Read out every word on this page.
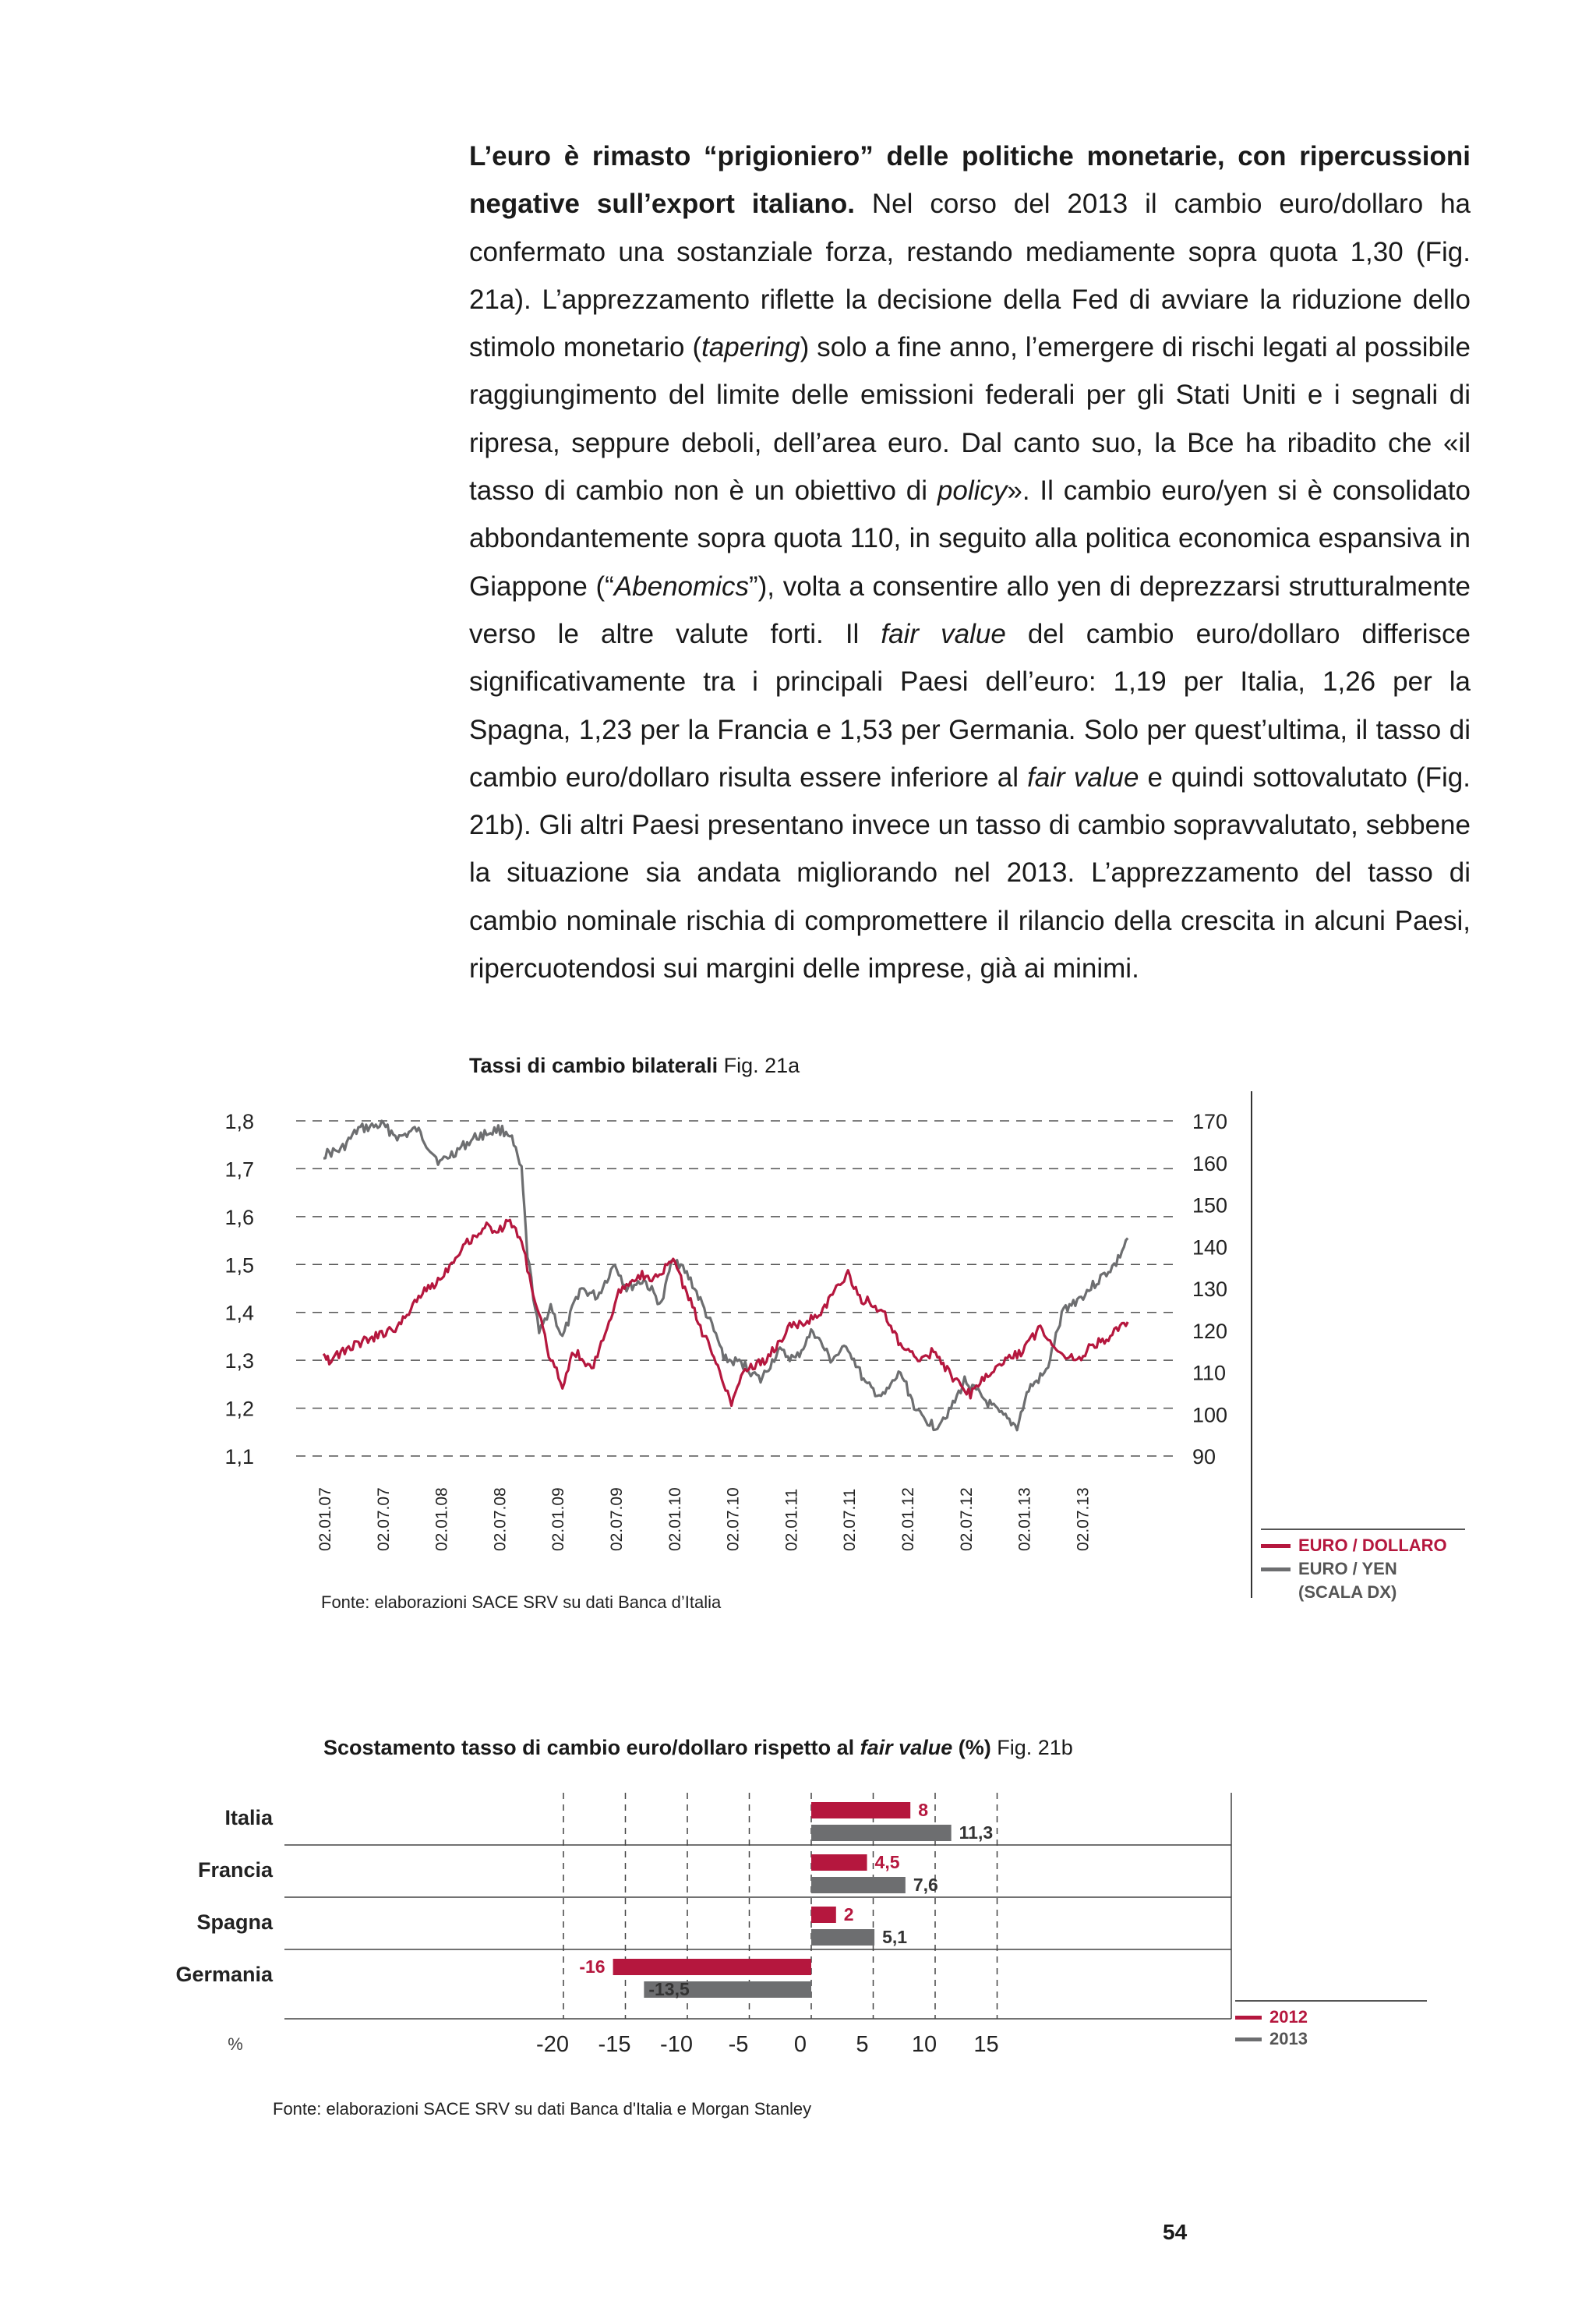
L’euro è rimasto “prigioniero” delle politiche monetarie, con ripercussioni negative sull’export italiano. Nel corso del 2013 il cambio euro/dollaro ha confermato una sostanziale forza, restando mediamente sopra quota 1,30 (Fig. 21a). L’apprezzamento riflette la decisione della Fed di avviare la riduzione dello stimolo monetario (tapering) solo a fine anno, l’emergere di rischi legati al possibile raggiungimento del limite delle emissioni federali per gli Stati Uniti e i segnali di ripresa, seppure deboli, dell’area euro. Dal canto suo, la Bce ha ribadito che «il tasso di cambio non è un obiettivo di policy». Il cambio euro/yen si è consolidato abbondantemente sopra quota 110, in seguito alla politica economica espansiva in Giappone (“Abenomics”), volta a consentire allo yen di deprezzarsi strutturalmente verso le altre valute forti. Il fair value del cambio euro/dollaro differisce significativamente tra i principali Paesi dell’euro: 1,19 per Italia, 1,26 per la Spagna, 1,23 per la Francia e 1,53 per Germania. Solo per quest’ultima, il tasso di cambio euro/dollaro risulta essere inferiore al fair value e quindi sottovalutato (Fig. 21b). Gli altri Paesi presentano invece un tasso di cambio sopravvalutato, sebbene la situazione sia andata migliorando nel 2013. L’apprezzamento del tasso di cambio nominale rischia di compromettere il rilancio della crescita in alcuni Paesi, ripercuotendosi sui margini delle imprese, già ai minimi.

Tassi di cambio bilaterali Fig. 21a
1,8
1,7
1,6
1,5
1,4
1,3
1,2
1,1
170
160
150
140
130
120
110
100
90
02.01.07 02.07.07 02.01.08 02.07.08 02.01.09 02.07.09 02.01.10 02.07.10 02.01.11 02.07.11 02.01.12 02.07.12 02.01.13 02.07.13
Fonte: elaborazioni SACE SRV su dati Banca d’Italia
EURO / DOLLARO
EURO / YEN
(SCALA DX)
Scostamento tasso di cambio euro/dollaro rispetto al fair value (%) Fig. 21b
-20 -15 -10 -5 0 5 10 15
%
Italia	8
11,3
Francia	4,5
7,6
Spagna	2
5,1
Germania	-16
-13,5
Fonte: elaborazioni SACE SRV su dati Banca d'Italia e Morgan Stanley
2012
2013
54
